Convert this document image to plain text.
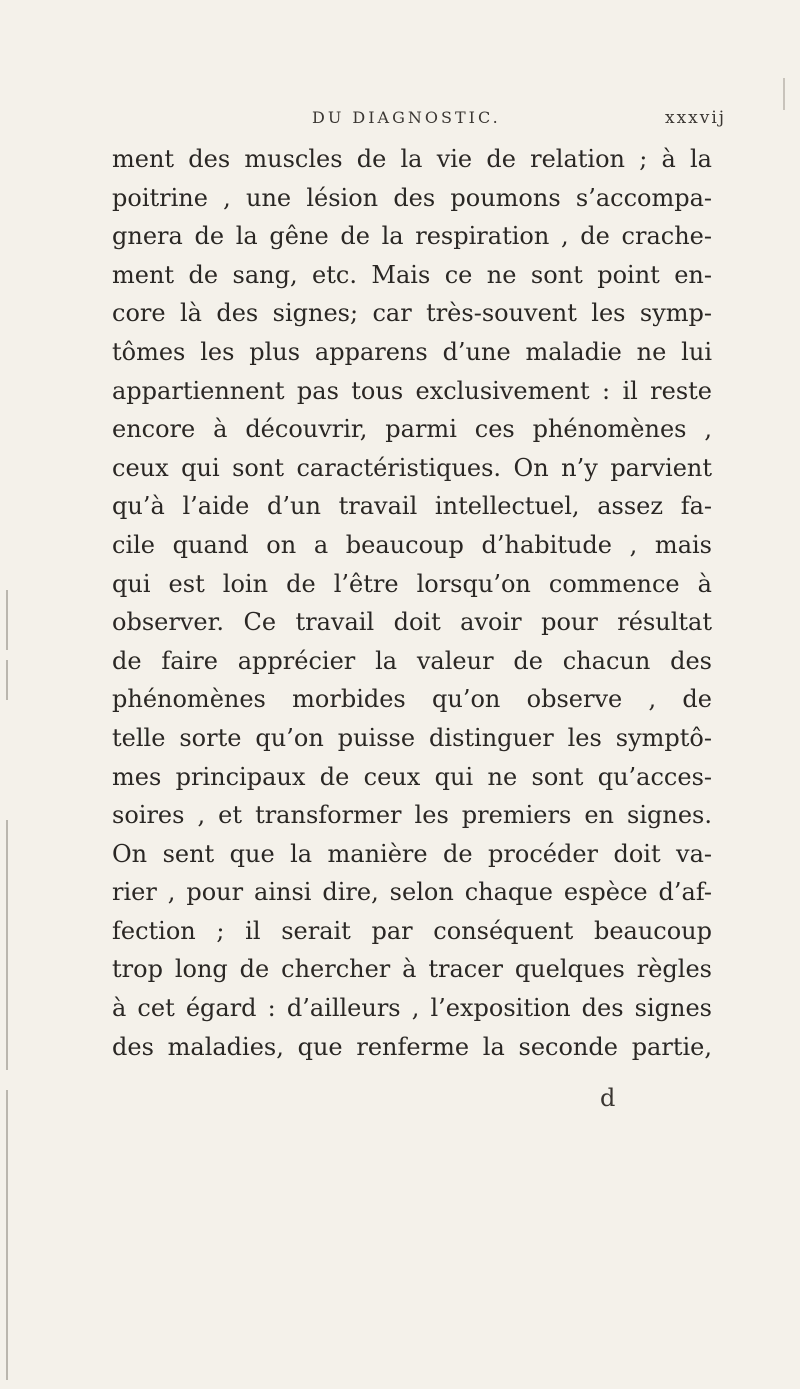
DU DIAGNOSTIC.	xxxvij
ment des muscles de la vie de relation ; à la
poitrine , une lésion des poumons s’accompa-
gnera de la gêne de la respiration , de crache-
ment de sang, etc. Mais ce ne sont point en-
core là des signes; car très-souvent les symp-
tômes les plus apparens d’une maladie ne lui
appartiennent pas tous exclusivement : il reste
encore à découvrir, parmi ces phénomènes ,
ceux qui sont caractéristiques. On n’y parvient
qu’à l’aide d’un travail intellectuel, assez fa-
cile quand on a beaucoup d’habitude , mais
qui est loin de l’être lorsqu’on commence à
observer. Ce travail doit avoir pour résultat
de faire apprécier la valeur de chacun des
phénomènes morbides qu’on observe , de
telle sorte qu’on puisse distinguer les symptô-
mes principaux de ceux qui ne sont qu’acces-
soires , et transformer les premiers en signes.
On sent que la manière de procéder doit va-
rier , pour ainsi dire, selon chaque espèce d’af-
fection ; il serait par conséquent beaucoup
trop long de chercher à tracer quelques règles
à cet égard : d’ailleurs , l’exposition des signes
des maladies, que renferme la seconde partie,
d
